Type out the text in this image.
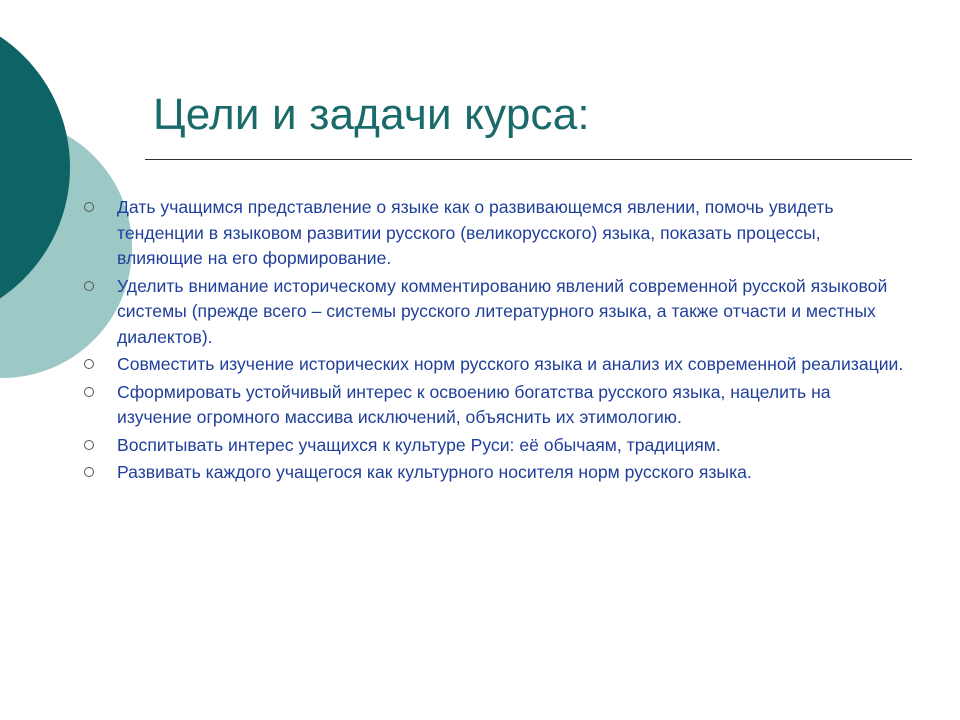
Цели и задачи курса:
Дать учащимся представление о языке как о развивающемся явлении, помочь увидеть тенденции в языковом развитии русского (великорусского) языка, показать процессы, влияющие на его формирование.
Уделить внимание историческому комментированию явлений современной русской языковой системы (прежде всего – системы русского литературного языка, а также отчасти и местных диалектов).
Совместить изучение исторических норм русского языка и анализ их современной реализации.
Сформировать устойчивый интерес к освоению богатства русского языка, нацелить на изучение огромного массива исключений, объяснить их этимологию.
Воспитывать интерес учащихся к культуре Руси: её обычаям, традициям.
Развивать каждого учащегося как культурного носителя норм русского языка.
